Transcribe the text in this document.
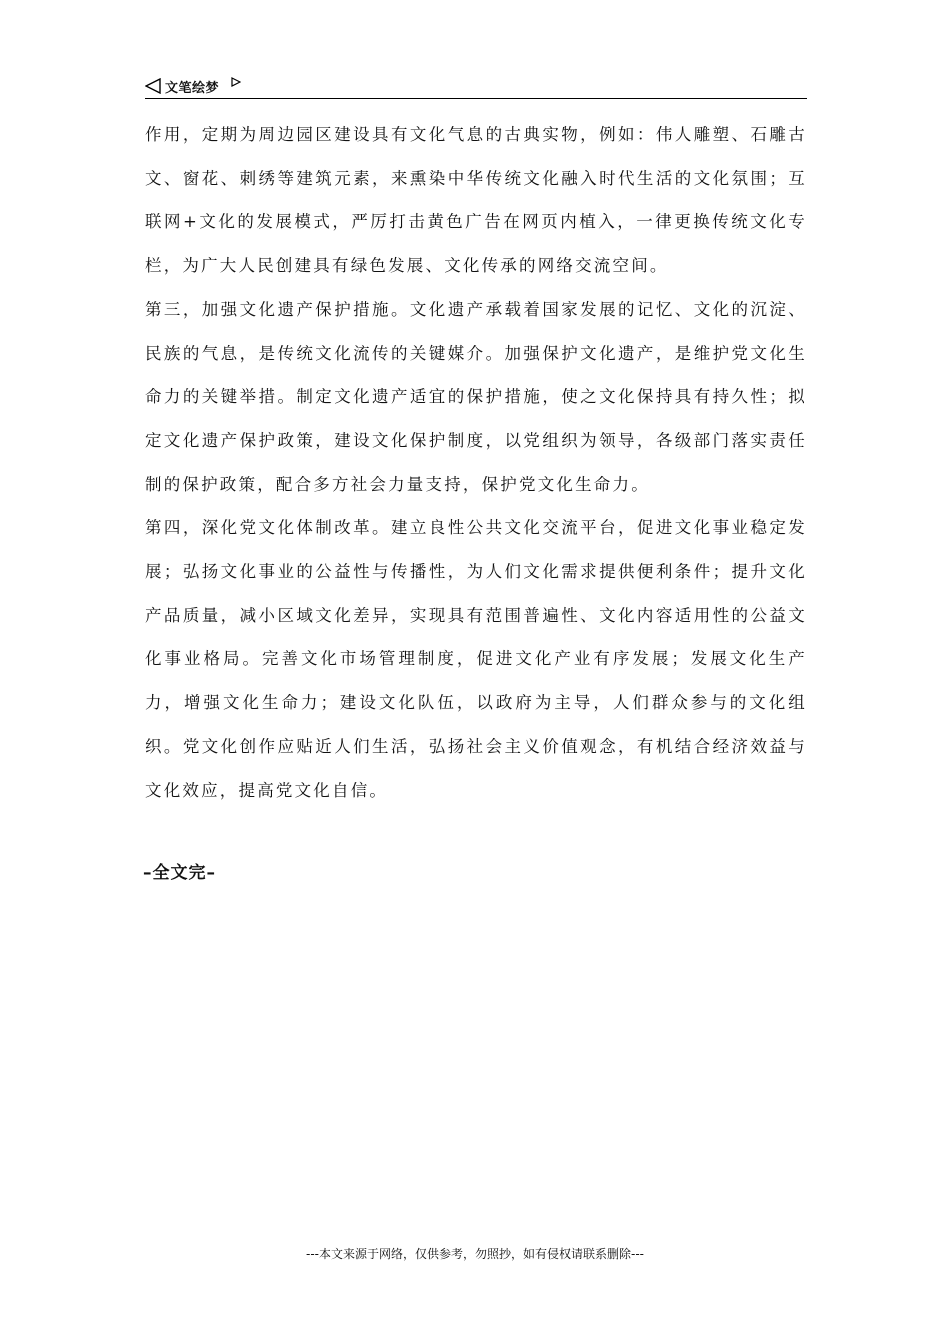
文笔绘梦

作用，定期为周边园区建设具有文化气息的古典实物，例如：伟人雕塑、石雕古文、窗花、刺绣等建筑元素，来熏染中华传统文化融入时代生活的文化氛围；互联网+文化的发展模式，严厉打击黄色广告在网页内植入，一律更换传统文化专栏，为广大人民创建具有绿色发展、文化传承的网络交流空间。

第三，加强文化遗产保护措施。文化遗产承载着国家发展的记忆、文化的沉淀、民族的气息，是传统文化流传的关键媒介。加强保护文化遗产，是维护党文化生命力的关键举措。制定文化遗产适宜的保护措施，使之文化保持具有持久性；拟定文化遗产保护政策，建设文化保护制度，以党组织为领导，各级部门落实责任制的保护政策，配合多方社会力量支持，保护党文化生命力。

第四，深化党文化体制改革。建立良性公共文化交流平台，促进文化事业稳定发展；弘扬文化事业的公益性与传播性，为人们文化需求提供便利条件；提升文化产品质量，减小区域文化差异，实现具有范围普遍性、文化内容适用性的公益文化事业格局。完善文化市场管理制度，促进文化产业有序发展；发展文化生产力，增强文化生命力；建设文化队伍，以政府为主导，人们群众参与的文化组织。党文化创作应贴近人们生活，弘扬社会主义价值观念，有机结合经济效益与文化效应，提高党文化自信。

–全文完–
---本文来源于网络，仅供参考，勿照抄，如有侵权请联系删除---
